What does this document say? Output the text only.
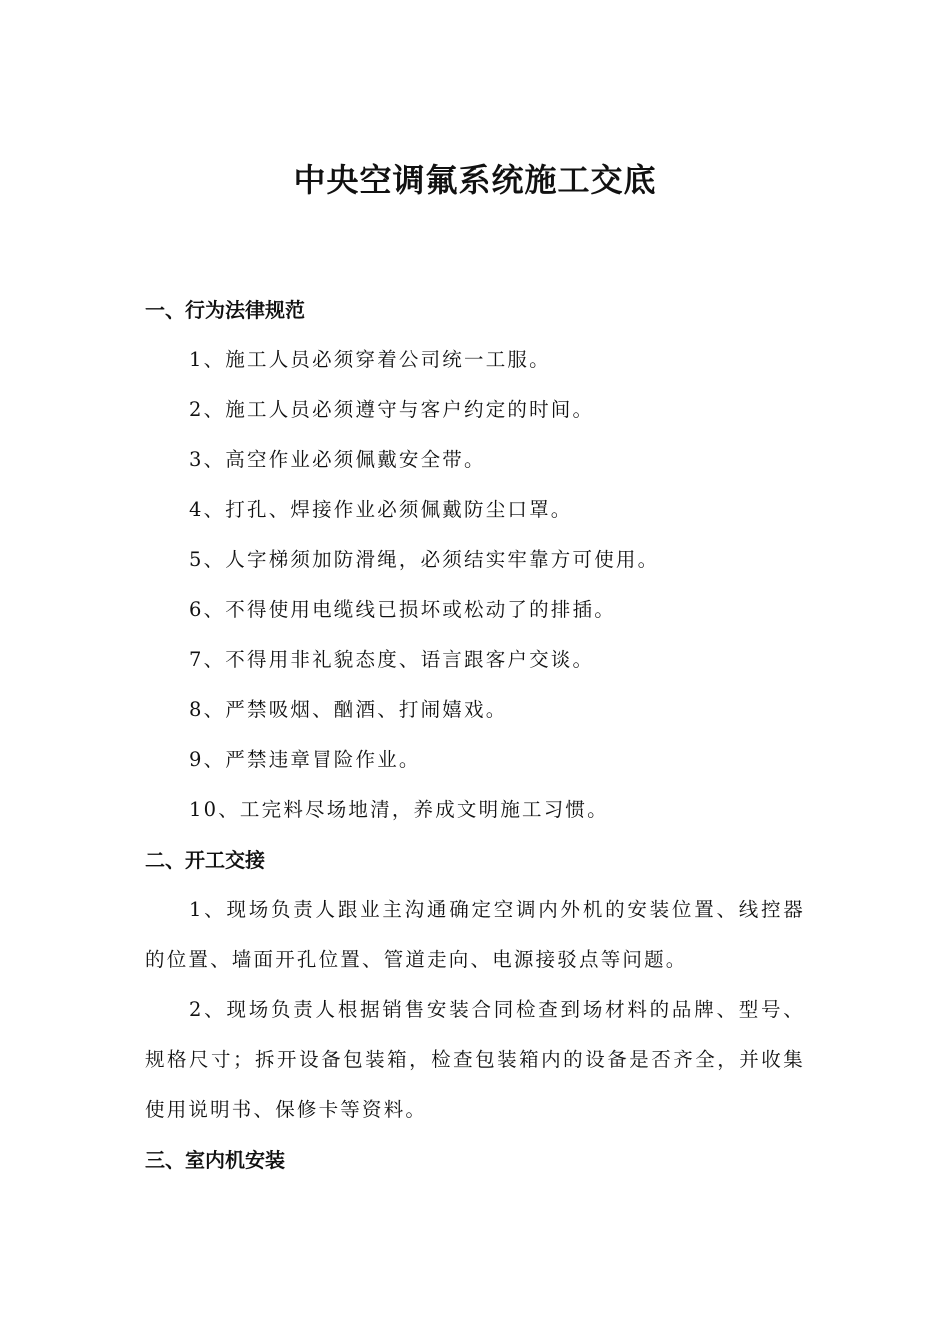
中央空调氟系统施工交底

一、行为法律规范

1、施工人员必须穿着公司统一工服。

2、施工人员必须遵守与客户约定的时间。

3、高空作业必须佩戴安全带。

4、打孔、焊接作业必须佩戴防尘口罩。

5、人字梯须加防滑绳，必须结实牢靠方可使用。

6、不得使用电缆线已损坏或松动了的排插。

7、不得用非礼貌态度、语言跟客户交谈。

8、严禁吸烟、酗酒、打闹嬉戏。

9、严禁违章冒险作业。

10、工完料尽场地清，养成文明施工习惯。

二、开工交接

1、现场负责人跟业主沟通确定空调内外机的安装位置、线控器的位置、墙面开孔位置、管道走向、电源接驳点等问题。

2、现场负责人根据销售安装合同检查到场材料的品牌、型号、规格尺寸；拆开设备包装箱，检查包装箱内的设备是否齐全，并收集使用说明书、保修卡等资料。

三、室内机安装
